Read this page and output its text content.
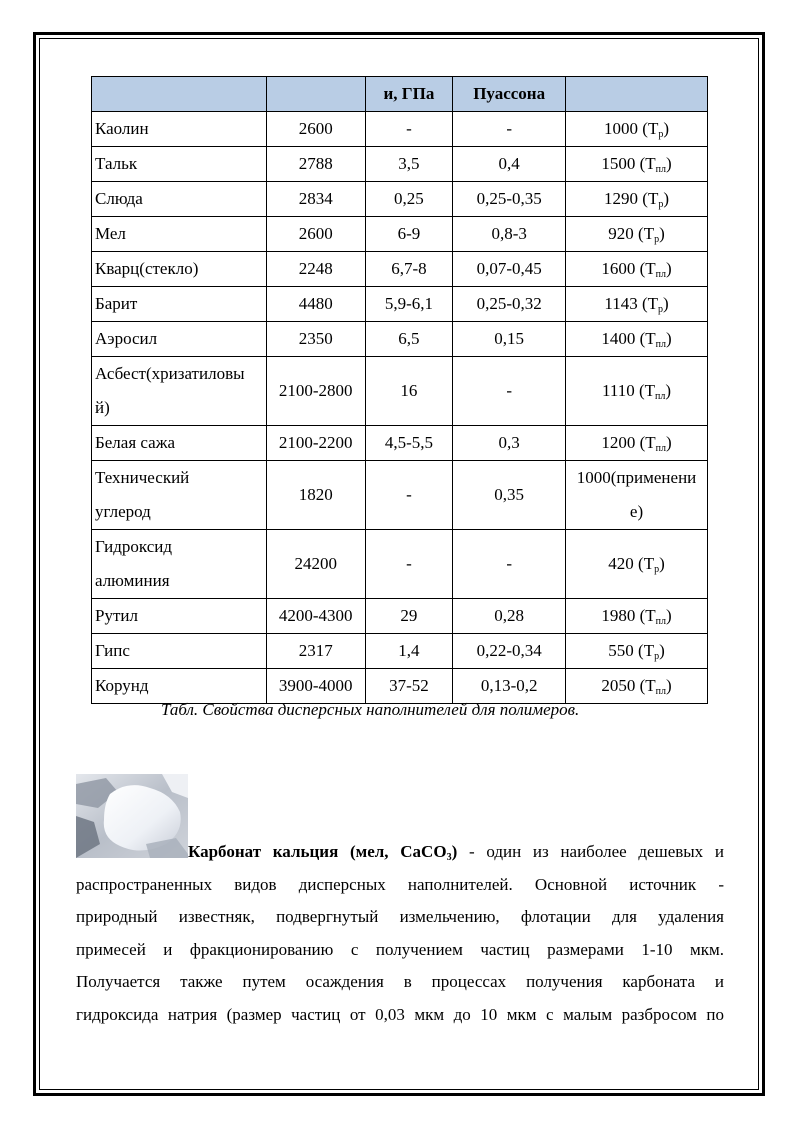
		и, ГПа	Пуассона	
Каолин	2600	-	-	1000 $(T_р)$
Тальк	2788	3,5	0,4	1500 $(T_{пл})$
Слюда	2834	0,25	0,25-0,35	1290 $(T_р)$
Мел	2600	6-9	0,8-3	920 $(T_р)$
Кварц(стекло)	2248	6,7-8	0,07-0,45	1600 $(T_{пл})$
Барит	4480	5,9-6,1	0,25-0,32	1143 $(T_р)$
Аэросил	2350	6,5	0,15	1400 $(T_{пл})$
Асбест(хризатиловы
й)	2100-2800	16	-	1110 $(T_{пл})$
Белая сажа	2100-2200	4,5-5,5	0,3	1200 $(T_{пл})$
Технический
углерод	1820	-	0,35	1000(применени
е)
Гидроксид
алюминия	24200	-	-	420 $(T_р)$
Рутил	4200-4300	29	0,28	1980 $(T_{пл})$
Гипс	2317	1,4	0,22-0,34	550 $(T_р)$
Корунд	3900-4000	37-52	0,13-0,2	2050 $(T_{пл})$
Табл. Свойства дисперсных наполнителей для полимеров.
Карбонат кальция (мел, CaCO$_3$) - один из наиболее дешевых и
распространенных видов дисперсных наполнителей. Основной источник -
природный известняк, подвергнутый измельчению, флотации для удаления
примесей и фракционированию с получением частиц размерами 1-10 мкм.
Получается также путем осаждения в процессах получения карбоната и
гидроксида натрия (размер частиц от 0,03 мкм до 10 мкм с малым разбросом по
